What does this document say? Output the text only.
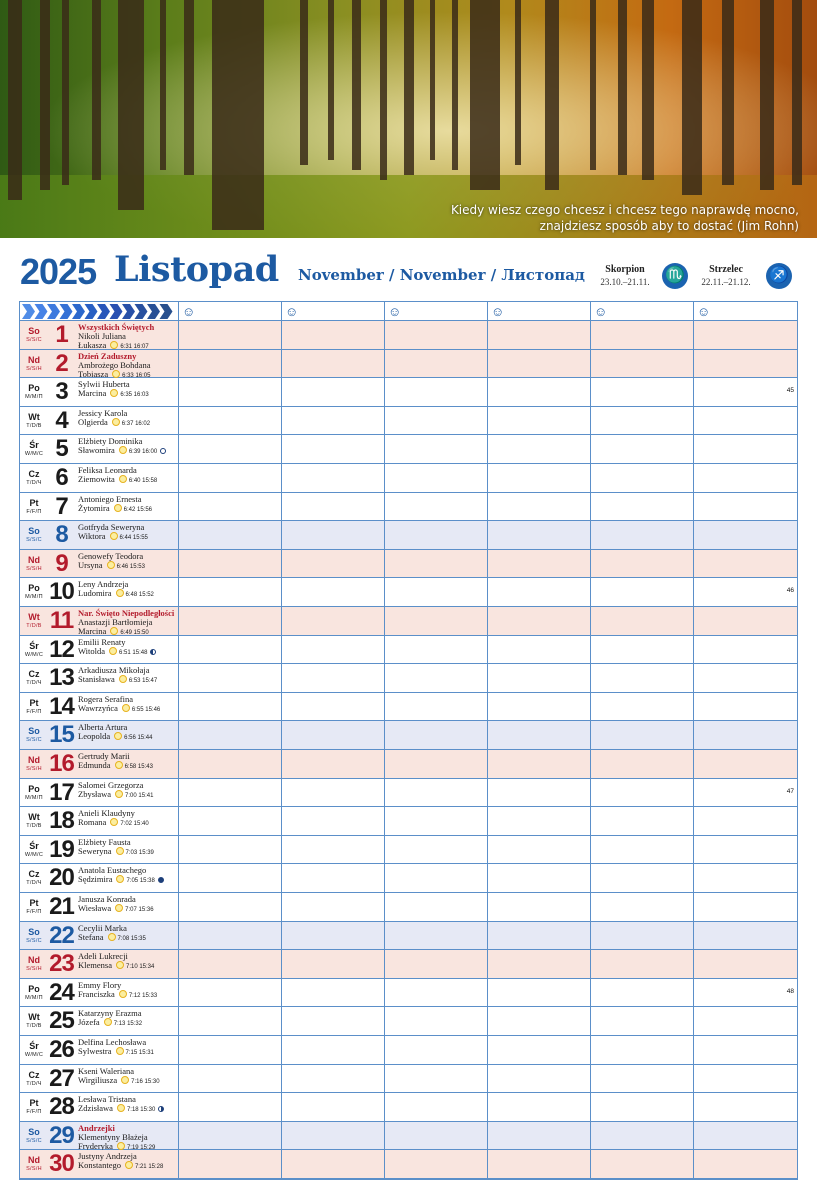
Kiedy wiesz czego chcesz i chcesz tego naprawdę mocno,
znajdziesz sposób aby to dostać (Jim Rohn)
2025 Listopad November / November / Листопад	Skorpion
23.10.–21.11. ♏	Strzelec
22.11.–21.12.	♐
☺	☺	☺	☺	☺	☺
So
S/S/C 1	Wszystkich Świętych
Nikoli Juliana
Łukasza 6:31 16:07
Nd
S/S/H 2	Dzień Zaduszny
Ambrożego Bohdana
Tobiasza 6:33 16:05
Po
M/M/П 3	Sylwii Huberta
Marcina 6:35 16:03
45
Wt
T/D/B 4	Jessicy Karola
Olgierda 6:37 16:02
Śr
W/M/C 5	Elżbiety Dominika
Sławomira 6:39 16:00
Cz
T/D/Ч 6	Feliksa Leonarda
Ziemowita 6:40 15:58
Pt
F/F/П 7	Antoniego Ernesta
Żytomira 6:42 15:56
So
S/S/C 8	Gotfryda Seweryna
Wiktora 6:44 15:55
Nd
S/S/H 9	Genowefy Teodora
Ursyna 6:46 15:53
Po
M/M/П 10 Leny Andrzeja
Ludomira 6:48 15:52
46
Wt
T/D/B 11 Nar. Święto Niepodległości
Anastazji Bartłomieja
Marcina 6:49 15:50
Śr
W/M/C 12 Emilii Renaty
Witolda 6:51 15:48
Cz
T/D/Ч 13 Arkadiusza Mikołaja
Stanisława 6:53 15:47
Pt
F/F/П 14 Rogera Serafina
Wawrzyńca 6:55 15:46
So
S/S/C 15 Alberta Artura
Leopolda 6:56 15:44
Nd
S/S/H 16 Gertrudy Marii
Edmunda 6:58 15:43
Po
M/M/П 17 Salomei Grzegorza
Zbysława 7:00 15:41
47
Wt
T/D/B 18 Anieli Klaudyny
Romana 7:02 15:40
Śr
W/M/C 19 Elżbiety Fausta
Seweryna 7:03 15:39
Cz
T/D/Ч 20 Anatola Eustachego
Sędzimira 7:05 15:38
Pt
F/F/П 21 Janusza Konrada
Wiesława 7:07 15:36
So
S/S/C 22 Cecylii Marka
Stefana 7:08 15:35
Nd
S/S/H 23 Adeli Lukrecji
Klemensa 7:10 15:34
Po
M/M/П 24 Emmy Flory
Franciszka 7:12 15:33
48
Wt
T/D/B 25 Katarzyny Erazma
Józefa 7:13 15:32
Śr
W/M/C 26 Delfina Lechosława
Sylwestra 7:15 15:31
Cz
T/D/Ч 27 Kseni Waleriana
Wirgiliusza 7:16 15:30
Pt
F/F/П 28 Lesława Tristana
Zdzisława 7:18 15:30
So
S/S/C 29 Andrzejki
Klementyny Błażeja
Fryderyka 7:19 15:29
Nd
S/S/H 30 Justyny Andrzeja
Konstantego 7:21 15:28
